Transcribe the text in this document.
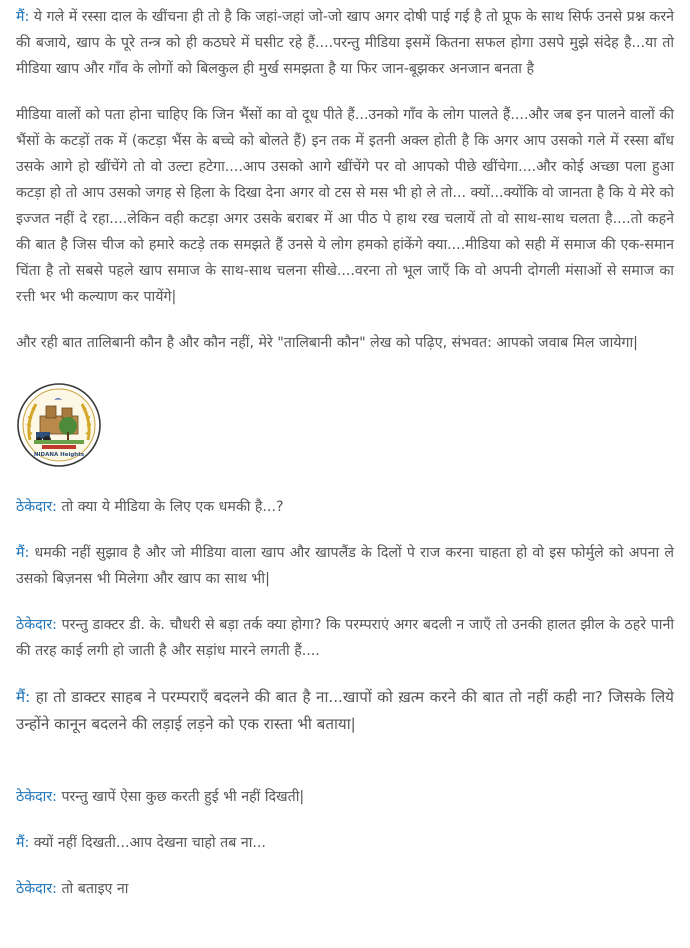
मैं: ये गले में रस्सा दाल के खींचना ही तो है कि जहां-जहां जो-जो खाप अगर दोषी पाई गई है तो प्रूफ के साथ सिर्फ उनसे प्रश्न करने की बजाये, खाप के पूरे तन्त्र को ही कठघरे में घसीट रहे हैं....परन्तु मीडिया इसमें कितना सफल होगा उसपे मुझे संदेह है...या तो मीडिया खाप और गाँव के लोगों को बिलकुल ही मुर्ख समझता है या फिर जान-बूझकर अनजान बनता है

मीडिया वालों को पता होना चाहिए कि जिन भैंसों का वो दूध पीते हैं...उनको गाँव के लोग पालते हैं....और जब इन पालने वालों की भैंसों के कटड़ों तक में (कटड़ा भैंस के बच्चे को बोलते हैं) इन तक में इतनी अक्ल होती है कि अगर आप उसको गले में रस्सा बाँध उसके आगे हो खींचेंगे तो वो उल्टा हटेगा....आप उसको आगे खींचेंगे पर वो आपको पीछे खींचेगा....और कोई अच्छा पला हुआ कटड़ा हो तो आप उसको जगह से हिला के दिखा देना अगर वो टस से मस भी हो ले तो... क्यों...क्योंकि वो जानता है कि ये मेरे को इज्जत नहीं दे रहा....लेकिन वही कटड़ा अगर उसके बराबर में आ पीठ पे हाथ रख चलायें तो वो साथ-साथ चलता है....तो कहने की बात है जिस चीज को हमारे कटड़े तक समझते हैं उनसे ये लोग हमको हांकेंगे क्या....मीडिया को सही में समाज की एक-समान चिंता है तो सबसे पहले खाप समाज के साथ-साथ चलना सीखे....वरना तो भूल जाएँ कि वो अपनी दोगली मंसाओं से समाज का रत्ती भर भी कल्याण कर पायेंगे|

और रही बात तालिबानी कौन है और कौन नहीं, मेरे "तालिबानी कौन" लेख को पढ़िए, संभवत: आपको जवाब मिल जायेगा|

NIDANA Heights

ठेकेदार: तो क्या ये मीडिया के लिए एक धमकी है...?

मैं: धमकी नहीं सुझाव है और जो मीडिया वाला खाप और खापलैंड के दिलों पे राज करना चाहता हो वो इस फोर्मुले को अपना ले उसको बिज़नस भी मिलेगा और खाप का साथ भी|

ठेकेदार: परन्तु डाक्टर डी. के. चौधरी से बड़ा तर्क क्या होगा? कि परम्पराएं अगर बदली न जाएँ तो उनकी हालत झील के ठहरे पानी की तरह काई लगी हो जाती है और सड़ांध मारने लगती हैं....

मैं: हा तो डाक्टर साहब ने परम्पराएँ बदलने की बात है ना...खापों को ख़त्म करने की बात तो नहीं कही ना? जिसके लिये उन्होंने कानून बदलने की लड़ाई लड़ने को एक रास्ता भी बताया|

ठेकेदार: परन्तु खापें ऐसा कुछ करती हुई भी नहीं दिखती|

मैं: क्यों नहीं दिखती...आप देखना चाहो तब ना...

ठेकेदार: तो बताइए ना
